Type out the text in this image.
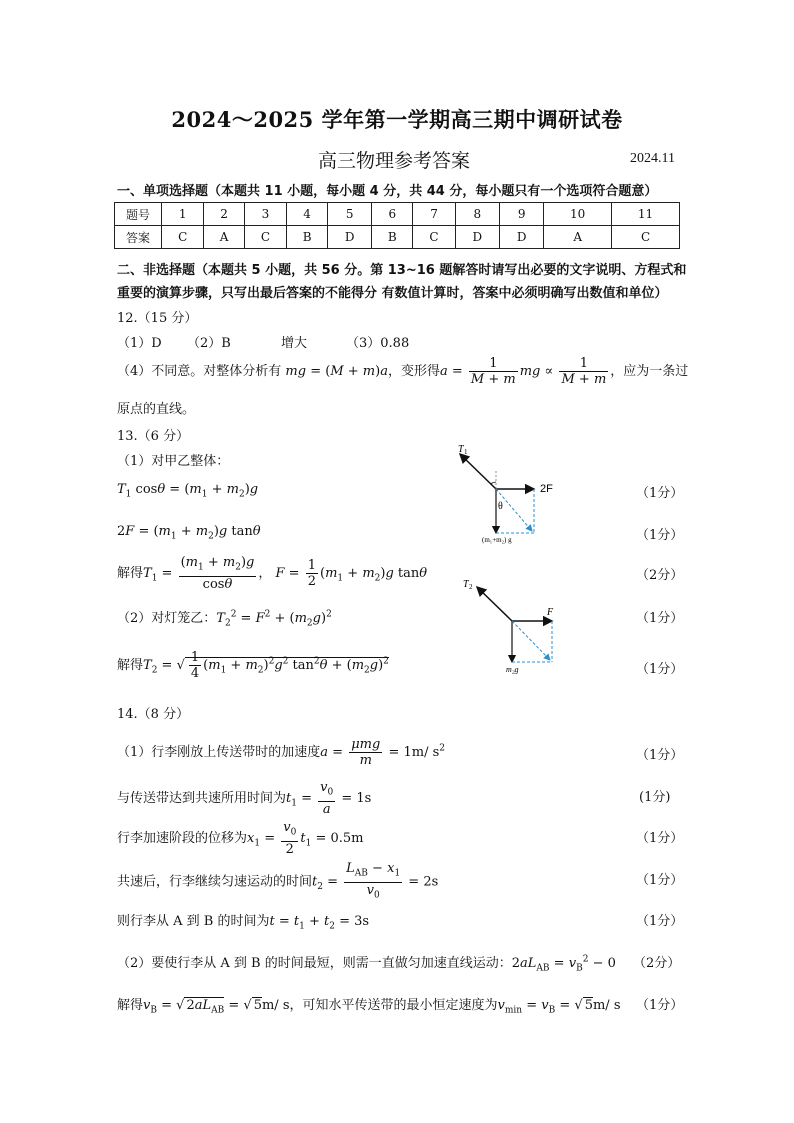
2024～2025 学年第一学期高三期中调研试卷
高三物理参考答案	2024.11
一、单项选择题（本题共 11 小题，每小题 4 分，共 44 分，每小题只有一个选项符合题意）
题号	1	2	3	4	5	6	7	8	9	10	11
答案	C	A	C	B	D	B	C	D	D	A	C
二、非选择题（本题共 5 小题，共 56 分。第 13~16 题解答时请写出必要的文字说明、方程式和
重要的演算步骤，只写出最后答案的不能得分 有数值计算时，答案中必须明确写出数值和单位）
12.（15 分）
（1）D （2）B	增大	（3）0.88
（4）不同意。对整体分析有 mg = (M + m)a，变形得$a = \frac{1}{M + m}$ mg ∝ $\frac{1}{M + m}$ ，应为一条过
原点的直线。
13.（6 分）
（1）对甲乙整体：
$T_1$ $\cos\theta = (m_1 + m_2)g$	（1分）
$2F = (m_1 + m_2)g$ tanθ	（1分）
解得$T_1 = \frac{(m_1 + m_2)g}{\cos\theta}$ ， $F = \frac{1}{2} (m_1 + m_2)g$ tanθ	（2分）
（2）对灯笼乙：$T_2^2 = F^2 + (m_2g)^2$	（1分）
解得$T_2$ = √ $\frac{1}{4} (m_1 + m_2)^2g^2$ $\tan^2\theta + (m_2g)^2$
（1分）
T 1
2F
θ
(m₁+m₂) g
T 2
F
m₂g
14.（8 分）
（1）行李刚放上传送带时的加速度$a = \frac{\text{μmg}}{m} = 1m/$ $s^2$	（1分）
与传送带达到共速所用时间为$t_1 = \frac{v_0}{a} = 1s$	(1分)
行李加速阶段的位移为$x_1 = \frac{v_0}{2} t_1 = 0.5m$	（1分）
共速后，行李继续匀速运动的时间$t_2 = \frac{L_{AB} - x_1}{v_0} = 2s$	（1分）
则行李从 A 到 B 的时间为$t = t_1 + t_2 = 3s$	（1分）
（2）要使行李从 A 到 B 的时间最短，则需一直做匀加速直线运动：$2aL_{AB} = v_B^2 - 0$ （2分）
解得$v_B$ = √ $2aL_{AB}$ = √ 5m/ s，可知水平传送带的最小恒定速度为$v_{min} = v_B$ = √ 5m/ s （1分）
